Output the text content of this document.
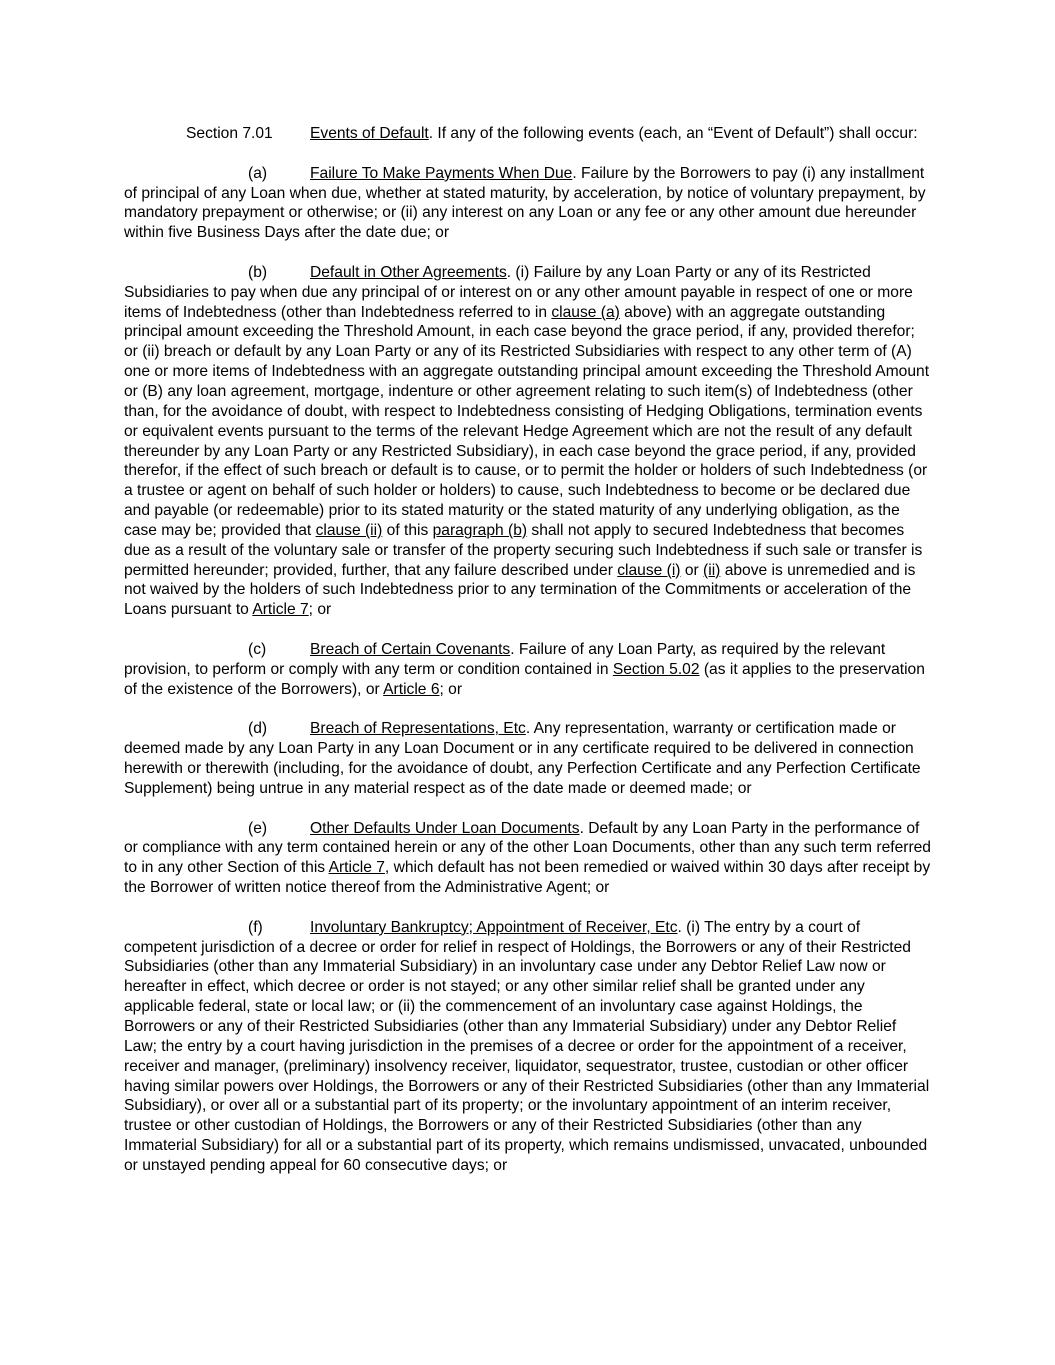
Section 7.01 Events of Default. If any of the following events (each, an “Event of Default”) shall occur:

(a)	Failure To Make Payments When Due. Failure by the Borrowers to pay (i) any installment of principal of any Loan when due, whether at stated maturity, by acceleration, by notice of voluntary prepayment, by mandatory prepayment or otherwise; or (ii) any interest on any Loan or any fee or any other amount due hereunder within five Business Days after the date due; or

(b)	Default in Other Agreements. (i) Failure by any Loan Party or any of its Restricted Subsidiaries to pay when due any principal of or interest on or any other amount payable in respect of one or more items of Indebtedness (other than Indebtedness referred to in clause (a) above) with an aggregate outstanding principal amount exceeding the Threshold Amount, in each case beyond the grace period, if any, provided therefor; or (ii) breach or default by any Loan Party or any of its Restricted Subsidiaries with respect to any other term of (A) one or more items of Indebtedness with an aggregate outstanding principal amount exceeding the Threshold Amount or (B) any loan agreement, mortgage, indenture or other agreement relating to such item(s) of Indebtedness (other than, for the avoidance of doubt, with respect to Indebtedness consisting of Hedging Obligations, termination events or equivalent events pursuant to the terms of the relevant Hedge Agreement which are not the result of any default thereunder by any Loan Party or any Restricted Subsidiary), in each case beyond the grace period, if any, provided therefor, if the effect of such breach or default is to cause, or to permit the holder or holders of such Indebtedness (or a trustee or agent on behalf of such holder or holders) to cause, such Indebtedness to become or be declared due and payable (or redeemable) prior to its stated maturity or the stated maturity of any underlying obligation, as the case may be; provided that clause (ii) of this paragraph (b) shall not apply to secured Indebtedness that becomes due as a result of the voluntary sale or transfer of the property securing such Indebtedness if such sale or transfer is permitted hereunder; provided, further, that any failure described under clause (i) or (ii) above is unremedied and is not waived by the holders of such Indebtedness prior to any termination of the Commitments or acceleration of the Loans pursuant to Article 7; or

(c)	Breach of Certain Covenants. Failure of any Loan Party, as required by the relevant provision, to perform or comply with any term or condition contained in Section 5.02 (as it applies to the preservation of the existence of the Borrowers), or Article 6; or

(d)	Breach of Representations, Etc. Any representation, warranty or certification made or deemed made by any Loan Party in any Loan Document or in any certificate required to be delivered in connection herewith or therewith (including, for the avoidance of doubt, any Perfection Certificate and any Perfection Certificate Supplement) being untrue in any material respect as of the date made or deemed made; or

(e)	Other Defaults Under Loan Documents. Default by any Loan Party in the performance of or compliance with any term contained herein or any of the other Loan Documents, other than any such term referred to in any other Section of this Article 7, which default has not been remedied or waived within 30 days after receipt by the Borrower of written notice thereof from the Administrative Agent; or

(f)	Involuntary Bankruptcy; Appointment of Receiver, Etc. (i) The entry by a court of competent jurisdiction of a decree or order for relief in respect of Holdings, the Borrowers or any of their Restricted Subsidiaries (other than any Immaterial Subsidiary) in an involuntary case under any Debtor Relief Law now or hereafter in effect, which decree or order is not stayed; or any other similar relief shall be granted under any applicable federal, state or local law; or (ii) the commencement of an involuntary case against Holdings, the Borrowers or any of their Restricted Subsidiaries (other than any Immaterial Subsidiary) under any Debtor Relief Law; the entry by a court having jurisdiction in the premises of a decree or order for the appointment of a receiver, receiver and manager, (preliminary) insolvency receiver, liquidator, sequestrator, trustee, custodian or other officer having similar powers over Holdings, the Borrowers or any of their Restricted Subsidiaries (other than any Immaterial Subsidiary), or over all or a substantial part of its property; or the involuntary appointment of an interim receiver, trustee or other custodian of Holdings, the Borrowers or any of their Restricted Subsidiaries (other than any Immaterial Subsidiary) for all or a substantial part of its property, which remains undismissed, unvacated, unbounded or unstayed pending appeal for 60 consecutive days; or
